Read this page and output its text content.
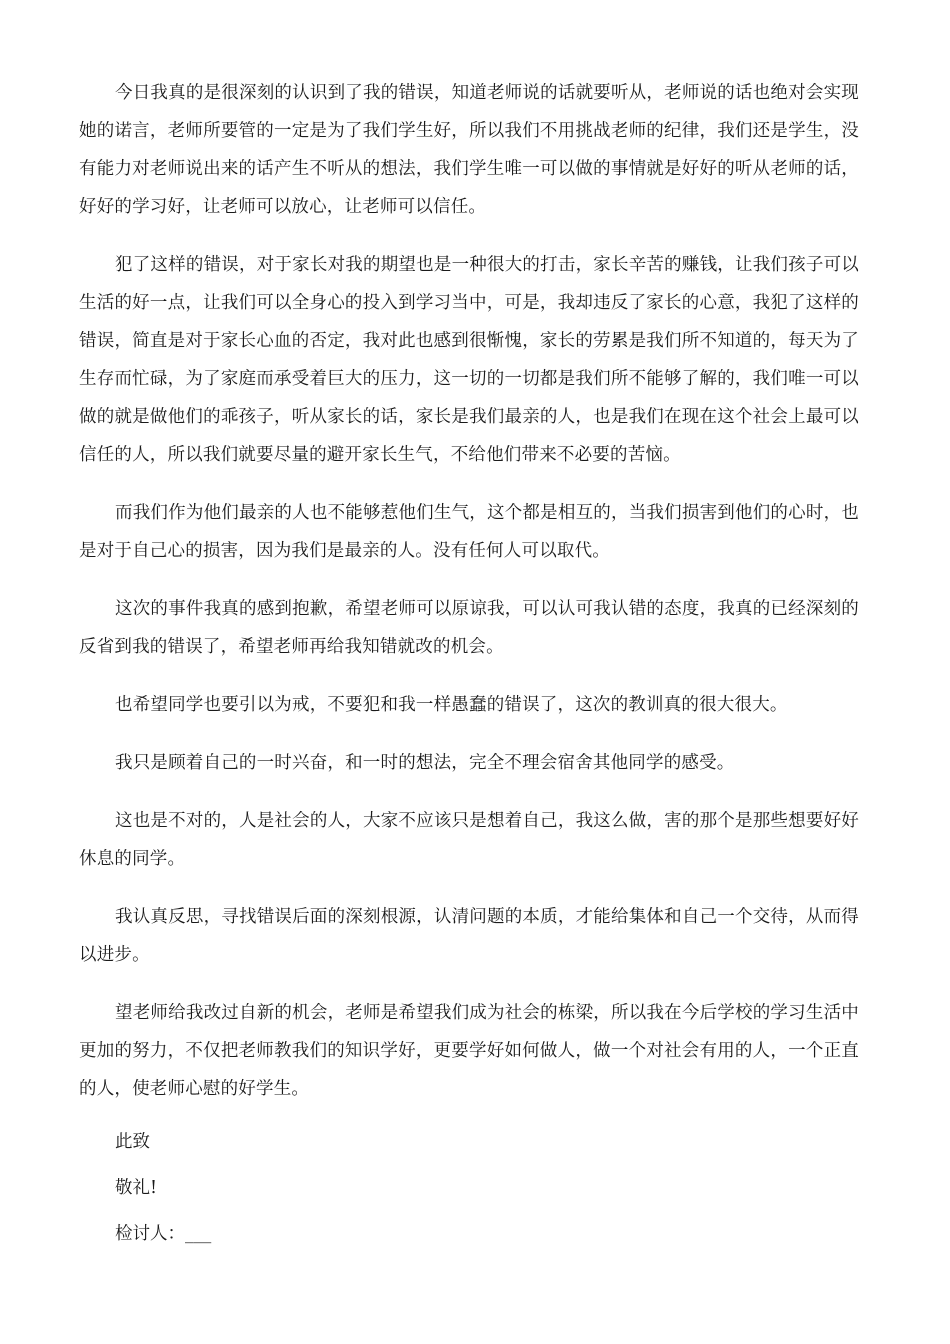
今日我真的是很深刻的认识到了我的错误，知道老师说的话就要听从，老师说的话也绝对会实现她的诺言，老师所要管的一定是为了我们学生好，所以我们不用挑战老师的纪律，我们还是学生，没有能力对老师说出来的话产生不听从的想法，我们学生唯一可以做的事情就是好好的听从老师的话，好好的学习好，让老师可以放心，让老师可以信任。

犯了这样的错误，对于家长对我的期望也是一种很大的打击，家长辛苦的赚钱，让我们孩子可以生活的好一点，让我们可以全身心的投入到学习当中，可是，我却违反了家长的心意，我犯了这样的错误，简直是对于家长心血的否定，我对此也感到很惭愧，家长的劳累是我们所不知道的，每天为了生存而忙碌，为了家庭而承受着巨大的压力，这一切的一切都是我们所不能够了解的，我们唯一可以做的就是做他们的乖孩子，听从家长的话，家长是我们最亲的人，也是我们在现在这个社会上最可以信任的人，所以我们就要尽量的避开家长生气，不给他们带来不必要的苦恼。

而我们作为他们最亲的人也不能够惹他们生气，这个都是相互的，当我们损害到他们的心时，也是对于自己心的损害，因为我们是最亲的人。没有任何人可以取代。

这次的事件我真的感到抱歉，希望老师可以原谅我，可以认可我认错的态度，我真的已经深刻的反省到我的错误了，希望老师再给我知错就改的机会。

也希望同学也要引以为戒，不要犯和我一样愚蠢的错误了，这次的教训真的很大很大。

我只是顾着自己的一时兴奋，和一时的想法，完全不理会宿舍其他同学的感受。

这也是不对的，人是社会的人，大家不应该只是想着自己，我这么做，害的那个是那些想要好好休息的同学。

我认真反思，寻找错误后面的深刻根源，认清问题的本质，才能给集体和自己一个交待，从而得以进步。

望老师给我改过自新的机会，老师是希望我们成为社会的栋梁，所以我在今后学校的学习生活中更加的努力，不仅把老师教我们的知识学好，更要学好如何做人，做一个对社会有用的人，一个正直的人，使老师心慰的好学生。

此致

敬礼!

检讨人：___
